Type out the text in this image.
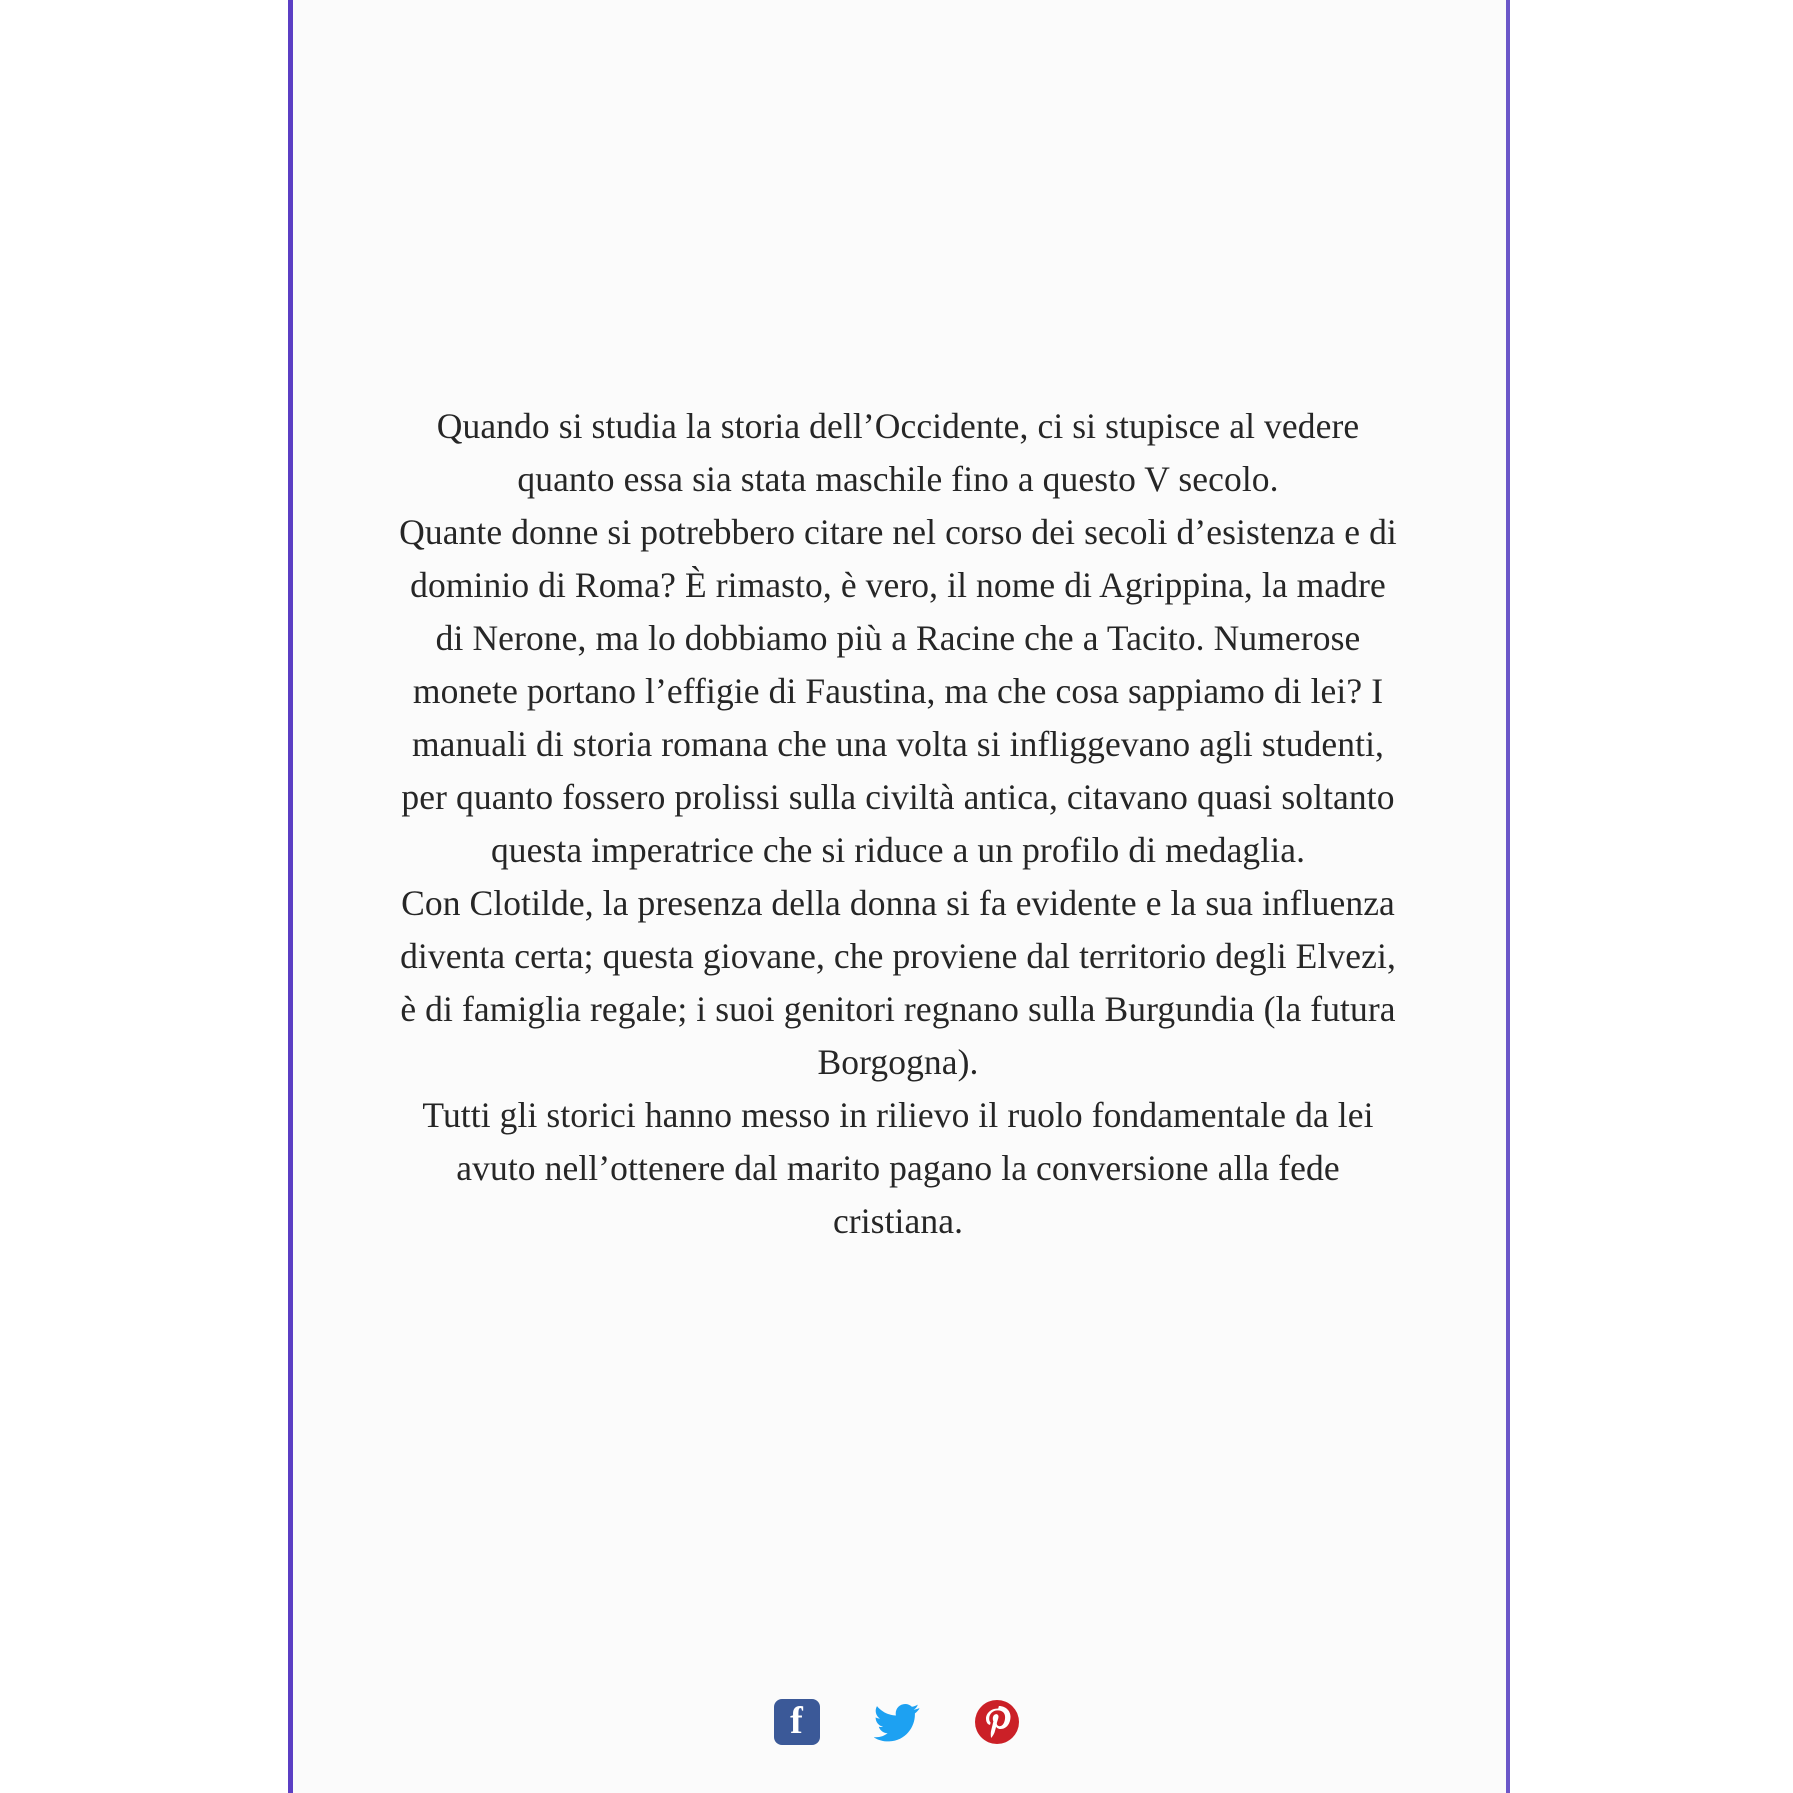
Quando si studia la storia dell’Occidente, ci si stupisce al vedere quanto essa sia stata maschile fino a questo V secolo.

Quante donne si potrebbero citare nel corso dei secoli d’esistenza e di dominio di Roma? È rimasto, è vero, il nome di Agrippina, la madre di Nerone, ma lo dobbiamo più a Racine che a Tacito. Numerose monete portano l’effigie di Faustina, ma che cosa sappiamo di lei? I manuali di storia romana che una volta si infliggevano agli studenti, per quanto fossero prolissi sulla civiltà antica, citavano quasi soltanto questa imperatrice che si riduce a un profilo di medaglia.

Con Clotilde, la presenza della donna si fa evidente e la sua influenza diventa certa; questa giovane, che proviene dal territorio degli Elvezi, è di famiglia regale; i suoi genitori regnano sulla Burgundia (la futura Borgogna).

Tutti gli storici hanno messo in rilievo il ruolo fondamentale da lei avuto nell’ottenere dal marito pagano la conversione alla fede cristiana.

f
